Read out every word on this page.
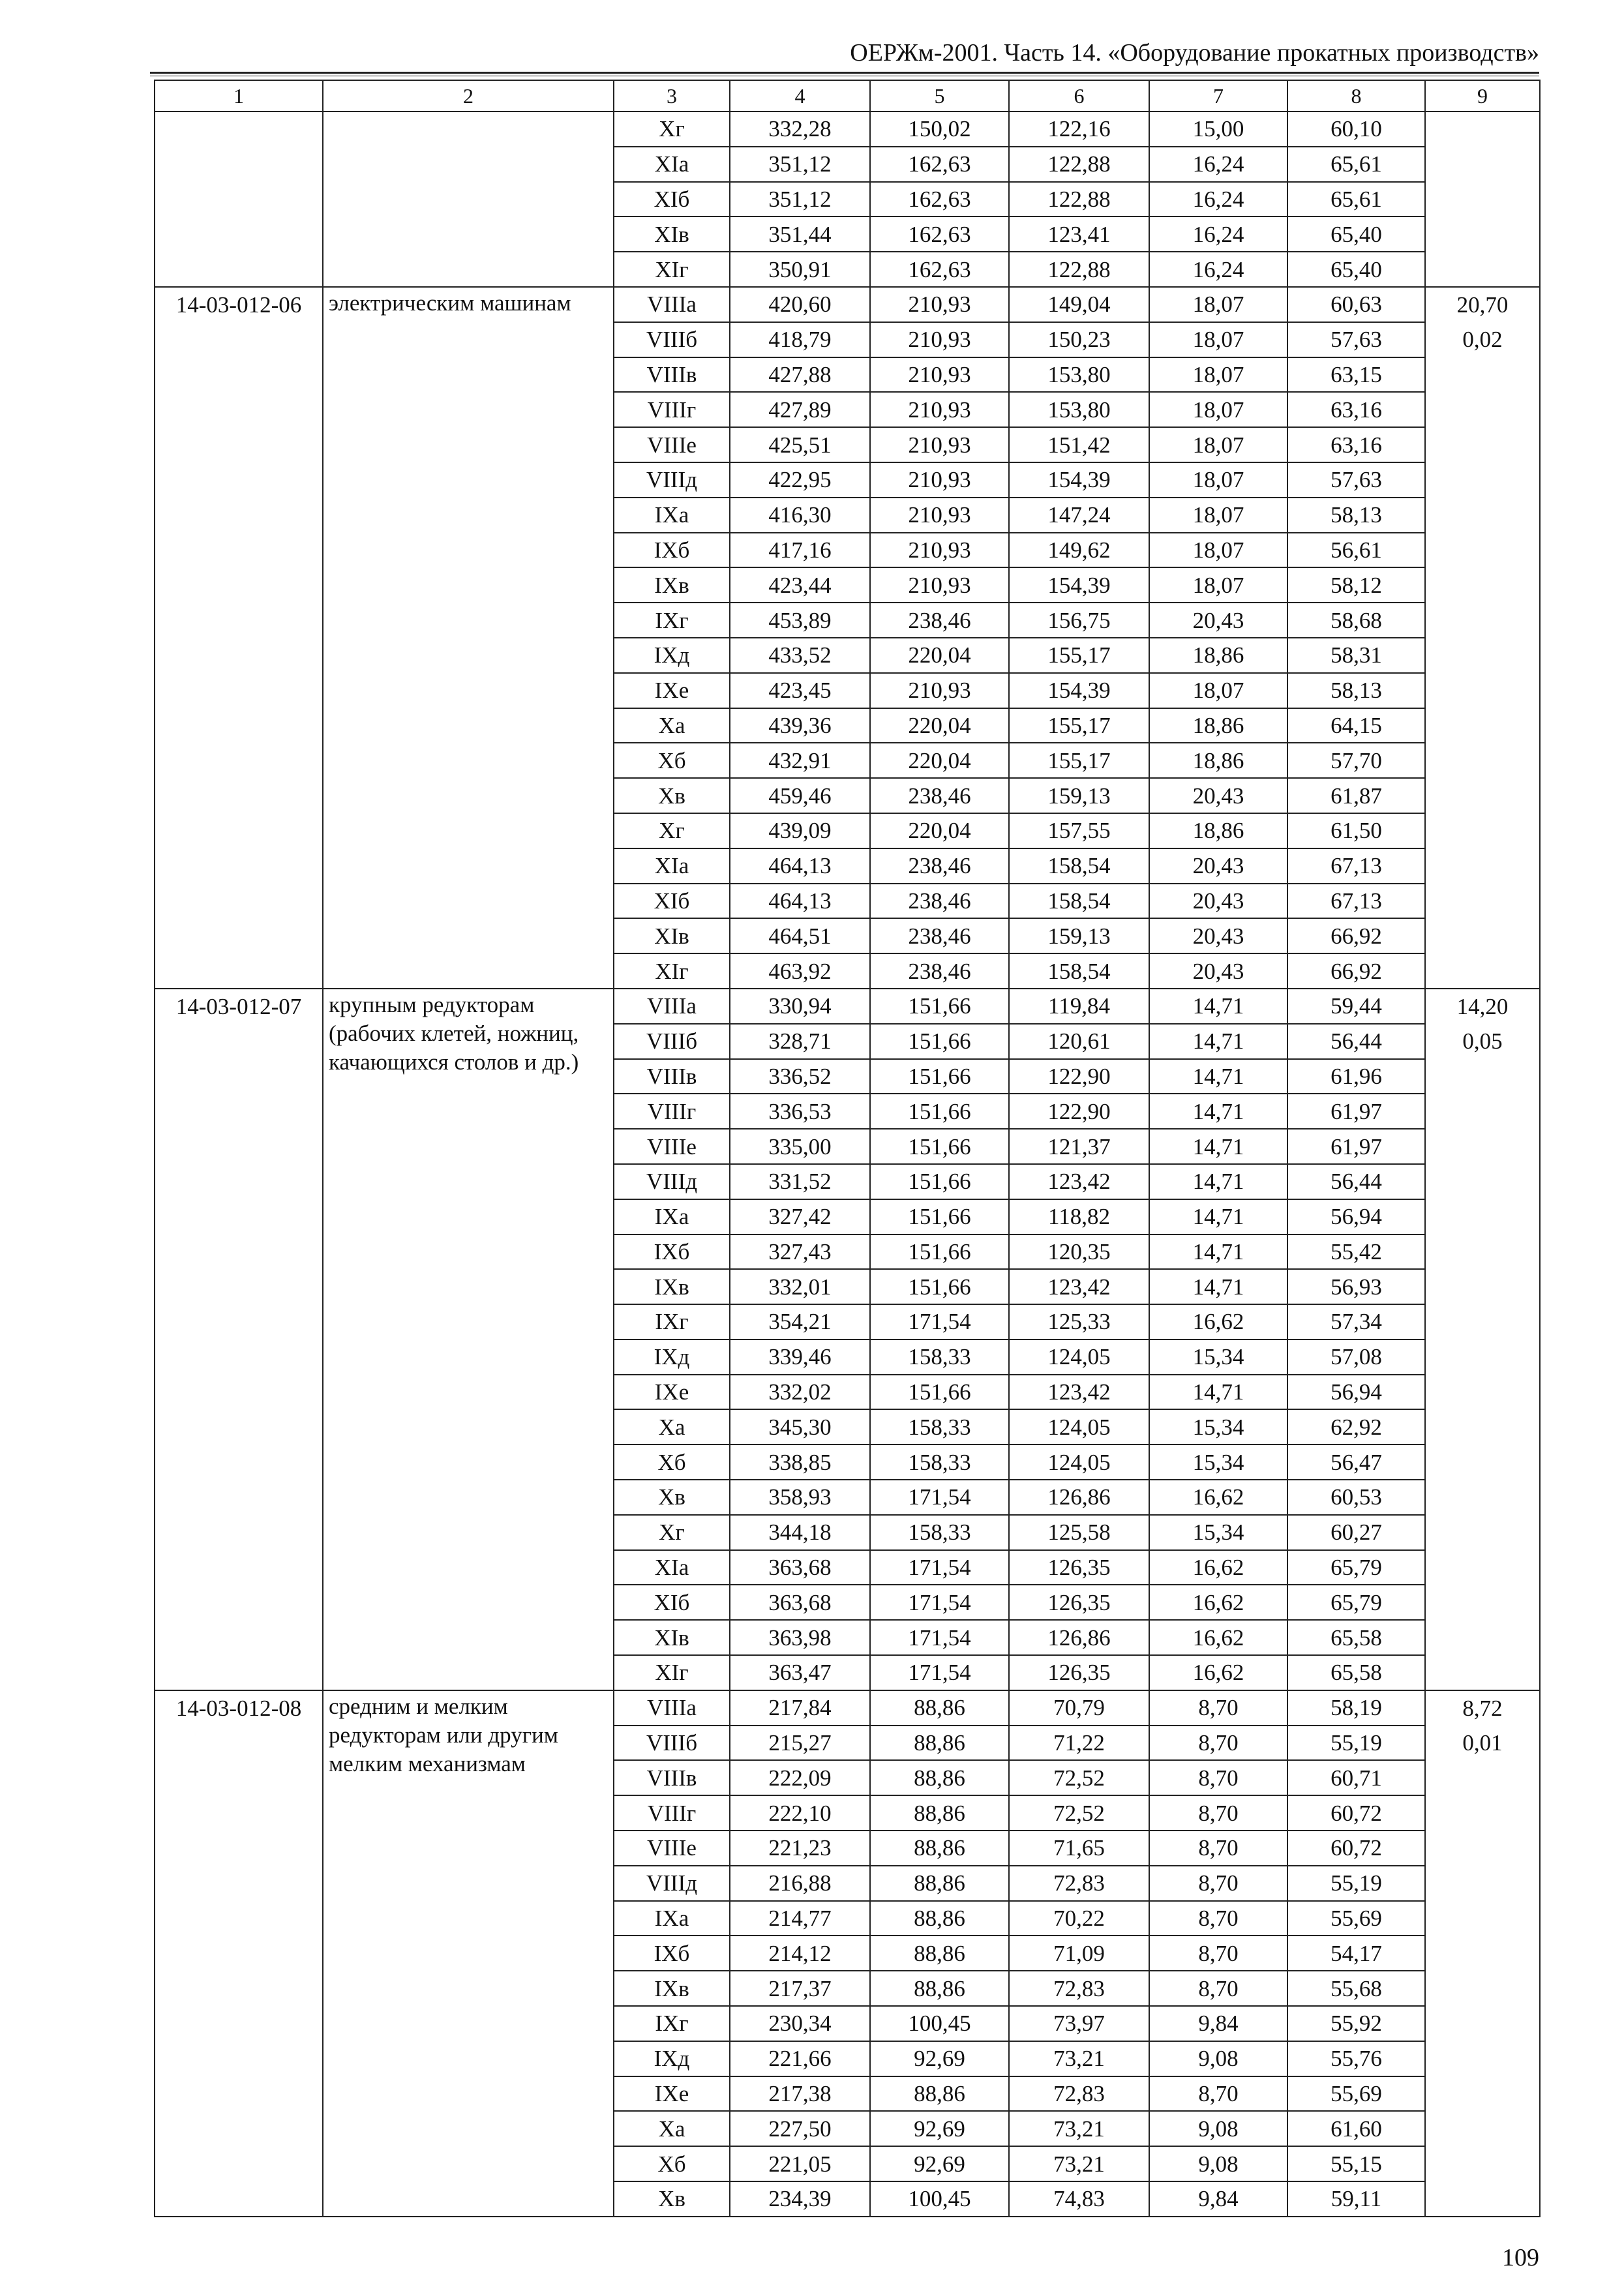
ОЕРЖм-2001. Часть 14. «Оборудование прокатных производств»
1	2	3	4	5	6	7	8	9
		Xг	332,28	150,02	122,16	15,00	60,10	
		XIа	351,12	162,63	122,88	16,24	65,61	
		XIб	351,12	162,63	122,88	16,24	65,61	
		XIв	351,44	162,63	123,41	16,24	65,40	
		XIг	350,91	162,63	122,88	16,24	65,40	
14-03-012-06	электрическим машинам	VIIIа	420,60	210,93	149,04	18,07	60,63	20,70
0,02

		VIIIб	418,79	210,93	150,23	18,07	57,63	
		VIIIв	427,88	210,93	153,80	18,07	63,15	
		VIIIг	427,89	210,93	153,80	18,07	63,16	
		VIIIе	425,51	210,93	151,42	18,07	63,16	
		VIIIд	422,95	210,93	154,39	18,07	57,63	
		IXа	416,30	210,93	147,24	18,07	58,13	
		IXб	417,16	210,93	149,62	18,07	56,61	
		IXв	423,44	210,93	154,39	18,07	58,12	
		IXг	453,89	238,46	156,75	20,43	58,68	
		IXд	433,52	220,04	155,17	18,86	58,31	
		IXе	423,45	210,93	154,39	18,07	58,13	
		Xа	439,36	220,04	155,17	18,86	64,15	
		Xб	432,91	220,04	155,17	18,86	57,70	
		Xв	459,46	238,46	159,13	20,43	61,87	
		Xг	439,09	220,04	157,55	18,86	61,50	
		XIа	464,13	238,46	158,54	20,43	67,13	
		XIб	464,13	238,46	158,54	20,43	67,13	
		XIв	464,51	238,46	159,13	20,43	66,92	
		XIг	463,92	238,46	158,54	20,43	66,92	
14-03-012-07	крупным редукторам (рабочих клетей, ножниц, качающихся столов и др.)	VIIIа	330,94	151,66	119,84	14,71	59,44	14,20
0,05

		VIIIб	328,71	151,66	120,61	14,71	56,44	
		VIIIв	336,52	151,66	122,90	14,71	61,96	
		VIIIг	336,53	151,66	122,90	14,71	61,97	
		VIIIе	335,00	151,66	121,37	14,71	61,97	
		VIIIд	331,52	151,66	123,42	14,71	56,44	
		IXа	327,42	151,66	118,82	14,71	56,94	
		IXб	327,43	151,66	120,35	14,71	55,42	
		IXв	332,01	151,66	123,42	14,71	56,93	
		IXг	354,21	171,54	125,33	16,62	57,34	
		IXд	339,46	158,33	124,05	15,34	57,08	
		IXе	332,02	151,66	123,42	14,71	56,94	
		Xа	345,30	158,33	124,05	15,34	62,92	
		Xб	338,85	158,33	124,05	15,34	56,47	
		Xв	358,93	171,54	126,86	16,62	60,53	
		Xг	344,18	158,33	125,58	15,34	60,27	
		XIа	363,68	171,54	126,35	16,62	65,79	
		XIб	363,68	171,54	126,35	16,62	65,79	
		XIв	363,98	171,54	126,86	16,62	65,58	
		XIг	363,47	171,54	126,35	16,62	65,58	
14-03-012-08	средним и мелким редукторам или другим мелким механизмам	VIIIа	217,84	88,86	70,79	8,70	58,19	8,72
0,01

		VIIIб	215,27	88,86	71,22	8,70	55,19	
		VIIIв	222,09	88,86	72,52	8,70	60,71	
		VIIIг	222,10	88,86	72,52	8,70	60,72	
		VIIIе	221,23	88,86	71,65	8,70	60,72	
		VIIIд	216,88	88,86	72,83	8,70	55,19	
		IXа	214,77	88,86	70,22	8,70	55,69	
		IXб	214,12	88,86	71,09	8,70	54,17	
		IXв	217,37	88,86	72,83	8,70	55,68	
		IXг	230,34	100,45	73,97	9,84	55,92	
		IXд	221,66	92,69	73,21	9,08	55,76	
		IXе	217,38	88,86	72,83	8,70	55,69	
		Xа	227,50	92,69	73,21	9,08	61,60	
		Xб	221,05	92,69	73,21	9,08	55,15	
		Xв	234,39	100,45	74,83	9,84	59,11	
109
